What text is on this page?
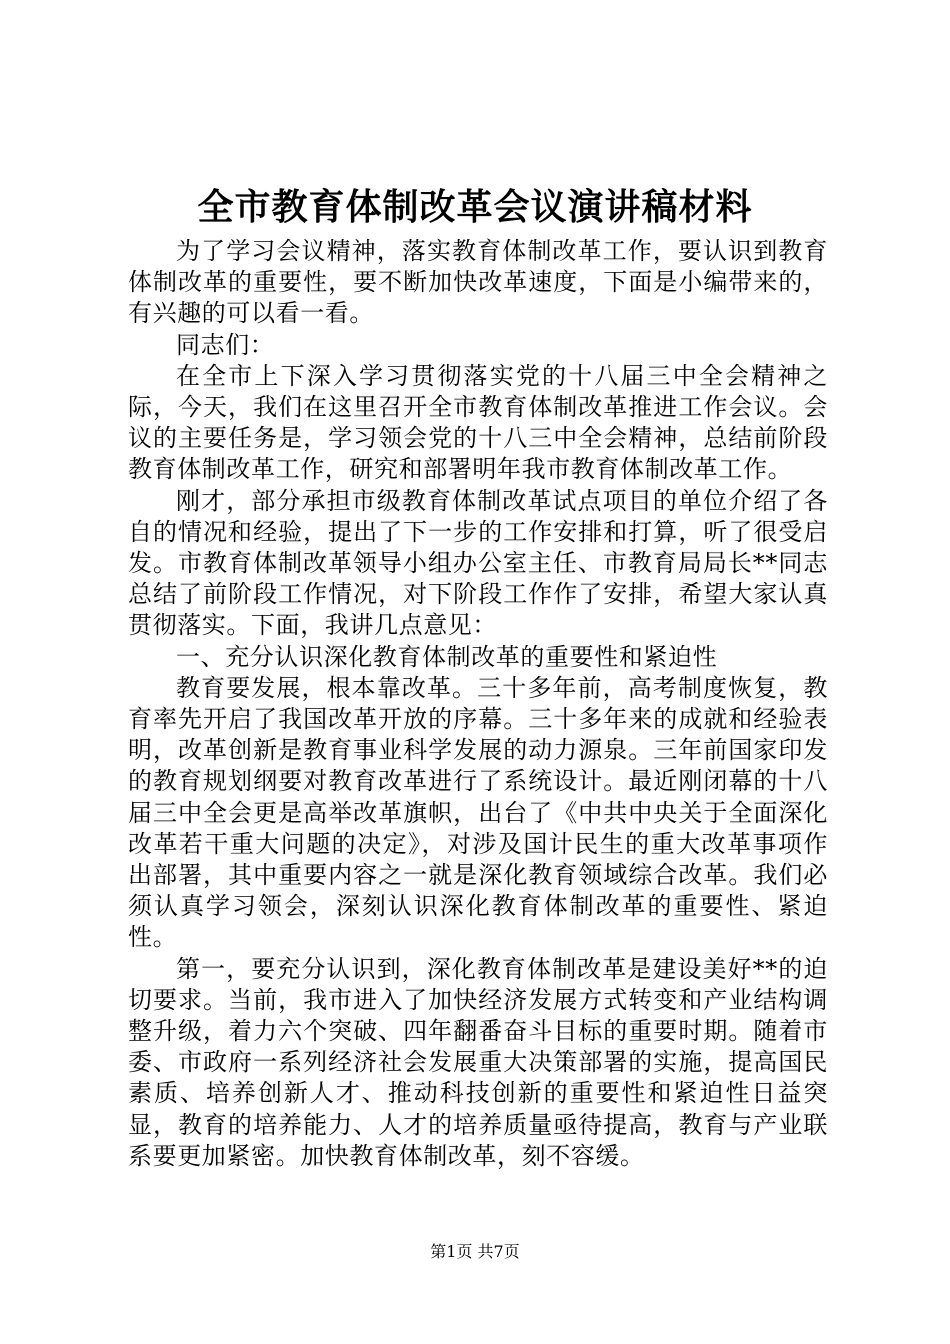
全市教育体制改革会议演讲稿材料

为了学习会议精神，落实教育体制改革工作，要认识到教育体制改革的重要性，要不断加快改革速度，下面是小编带来的，有兴趣的可以看一看。

同志们：

在全市上下深入学习贯彻落实党的十八届三中全会精神之际，今天，我们在这里召开全市教育体制改革推进工作会议。会议的主要任务是，学习领会党的十八三中全会精神，总结前阶段教育体制改革工作，研究和部署明年我市教育体制改革工作。

刚才，部分承担市级教育体制改革试点项目的单位介绍了各自的情况和经验，提出了下一步的工作安排和打算，听了很受启发。市教育体制改革领导小组办公室主任、市教育局局长**同志总结了前阶段工作情况，对下阶段工作作了安排，希望大家认真贯彻落实。下面，我讲几点意见：

一、充分认识深化教育体制改革的重要性和紧迫性

教育要发展，根本靠改革。三十多年前，高考制度恢复，教育率先开启了我国改革开放的序幕。三十多年来的成就和经验表明，改革创新是教育事业科学发展的动力源泉。三年前国家印发的教育规划纲要对教育改革进行了系统设计。最近刚闭幕的十八届三中全会更是高举改革旗帜，出台了《中共中央关于全面深化改革若干重大问题的决定》，对涉及国计民生的重大改革事项作出部署，其中重要内容之一就是深化教育领域综合改革。我们必须认真学习领会，深刻认识深化教育体制改革的重要性、紧迫性。

第一，要充分认识到，深化教育体制改革是建设美好**的迫切要求。当前，我市进入了加快经济发展方式转变和产业结构调整升级，着力六个突破、四年翻番奋斗目标的重要时期。随着市委、市政府一系列经济社会发展重大决策部署的实施，提高国民素质、培养创新人才、推动科技创新的重要性和紧迫性日益突显，教育的培养能力、人才的培养质量亟待提高，教育与产业联系要更加紧密。加快教育体制改革，刻不容缓。

第1页 共7页
